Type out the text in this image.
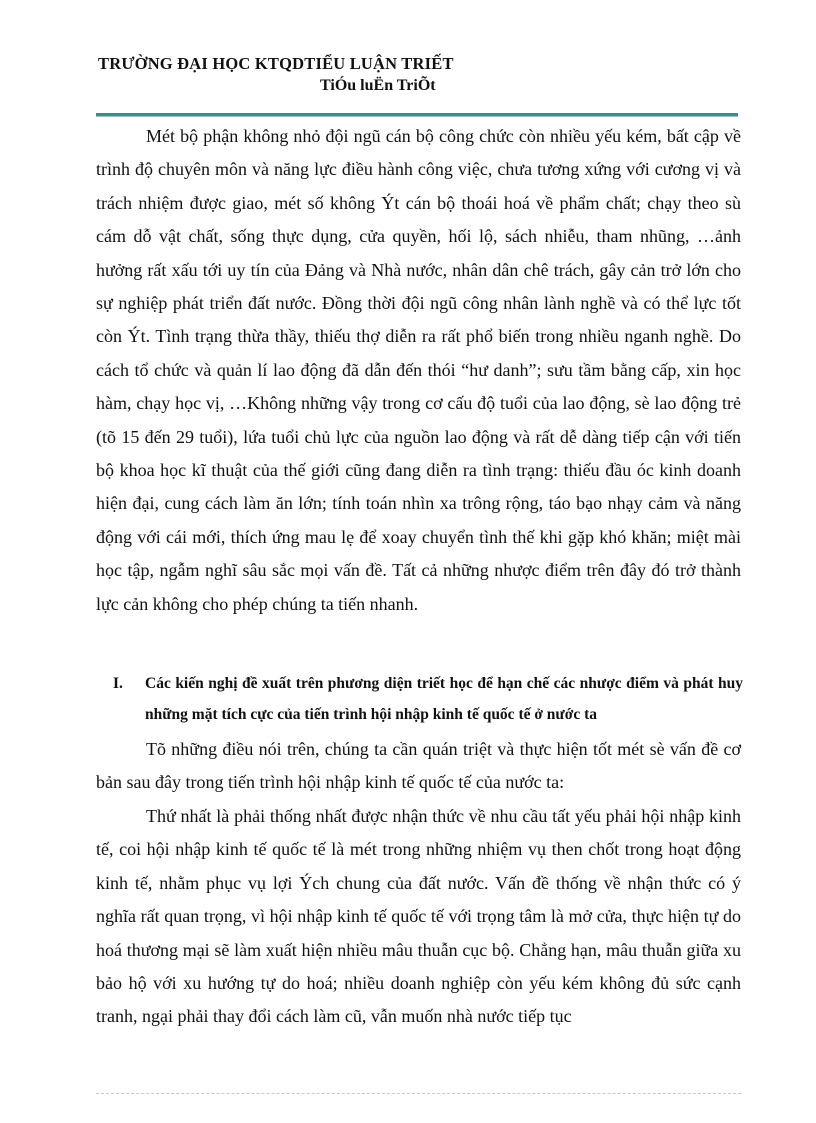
TRƯỜNG ĐẠI HỌC KTQDTIỂU LUẬN TRIẾT
TiÓu luËn TriÕt

Mét bộ phận không nhỏ đội ngũ cán bộ công chức còn nhiều yếu kém, bất cập về trình độ chuyên môn và năng lực điều hành công việc, chưa tương xứng với cương vị và trách nhiệm được giao, mét số không Ýt cán bộ thoái hoá về phẩm chất; chạy theo sù cám dỗ vật chất, sống thực dụng, cửa quyền, hối lộ, sách nhiễu, tham nhũng, …ảnh hưởng rất xấu tới uy tín của Đảng và Nhà nước, nhân dân chê trách, gây cản trở lớn cho sự nghiệp phát triển đất nước. Đồng thời đội ngũ công nhân lành nghề và có thể lực tốt còn Ýt. Tình trạng thừa thầy, thiếu thợ diễn ra rất phổ biến trong nhiều nganh nghề. Do cách tổ chức và quản lí lao động đã dẫn đến thói “hư danh”; sưu tầm bằng cấp, xin học hàm, chạy học vị, …Không những vậy trong cơ cấu độ tuổi của lao động, sè lao động trẻ (tõ 15 đến 29 tuổi), lứa tuổi chủ lực của nguồn lao động và rất dễ dàng tiếp cận với tiến bộ khoa học kĩ thuật của thế giới cũng đang diễn ra tình trạng: thiếu đầu óc kinh doanh hiện đại, cung cách làm ăn lớn; tính toán nhìn xa trông rộng, táo bạo nhạy cảm và năng động với cái mới, thích ứng mau lẹ để xoay chuyển tình thế khi gặp khó khăn; miệt mài học tập, ngẫm nghĩ sâu sắc mọi vấn đề. Tất cả những nhược điểm trên đây đó trở thành lực cản không cho phép chúng ta tiến nhanh.

I. Các kiến nghị đề xuất trên phương diện triết học để hạn chế các nhược điểm và phát huy những mặt tích cực của tiến trình hội nhập kinh tế quốc tế ở nước ta

Tõ những điều nói trên, chúng ta cần quán triệt và thực hiện tốt mét sè vấn đề cơ bản sau đây trong tiến trình hội nhập kinh tế quốc tế của nước ta:

Thứ nhất là phải thống nhất được nhận thức về nhu cầu tất yếu phải hội nhập kinh tế, coi hội nhập kinh tế quốc tế là mét trong những nhiệm vụ then chốt trong hoạt động kinh tế, nhằm phục vụ lợi Ých chung của đất nước. Vấn đề thống về nhận thức có ý nghĩa rất quan trọng, vì hội nhập kinh tế quốc tế với trọng tâm là mở cửa, thực hiện tự do hoá thương mại sẽ làm xuất hiện nhiều mâu thuẫn cục bộ. Chẳng hạn, mâu thuẫn giữa xu bảo hộ với xu hướng tự do hoá; nhiều doanh nghiệp còn yếu kém không đủ sức cạnh tranh, ngại phải thay đổi cách làm cũ, vẫn muốn nhà nước tiếp tục
